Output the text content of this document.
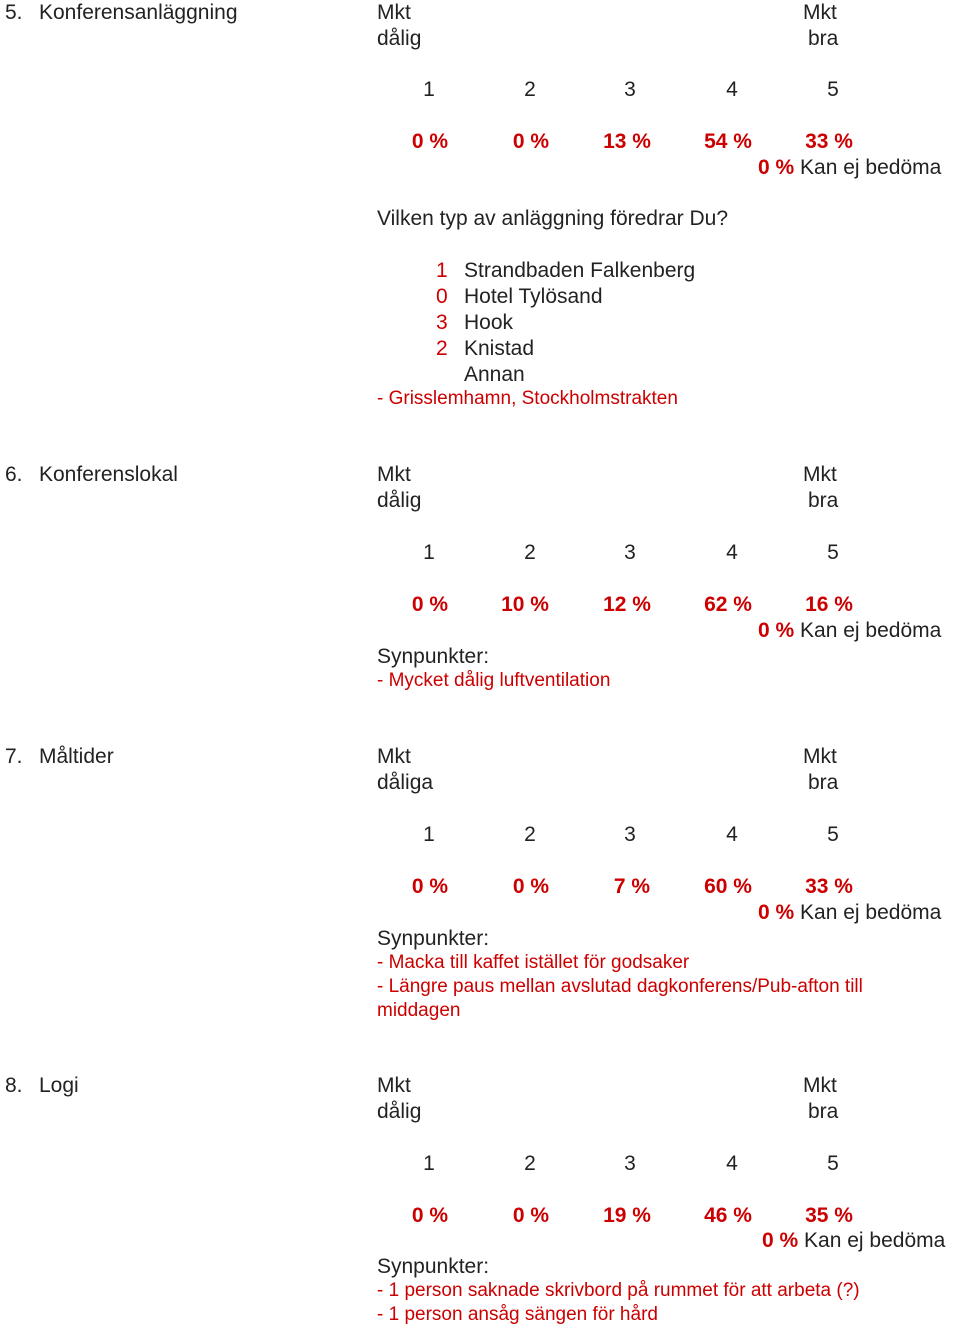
5. Konferensanläggning	Mkt
dålig
Mkt
bra
1	2	3	4	5
0 %	0 %	13 %	54 %	33 %
0 % Kan ej bedöma
Vilken typ av anläggning föredrar Du?
1 Strandbaden Falkenberg
0 Hotel Tylösand
3 Hook
2 Knistad
Annan
- Grisslemhamn, Stockholmstrakten
6. Konferenslokal	Mkt
dålig
Mkt
bra
1	2	3	4	5
0 %	10 %	12 %	62 %	16 %
0 % Kan ej bedöma
Synpunkter:
- Mycket dålig luftventilation
7. Måltider	Mkt
dåliga
Mkt
bra
1	2	3	4	5
0 %	0 %	7 %	60 %	33 %
0 % Kan ej bedöma
Synpunkter:
- Macka till kaffet istället för godsaker
- Längre paus mellan avslutad dagkonferens/Pub-afton till
middagen
8. Logi	Mkt
dålig
Mkt
bra
1	2	3	4	5
0 %	0 %	19 %	46 %	35 %
0 % Kan ej bedöma
Synpunkter:
- 1 person saknade skrivbord på rummet för att arbeta (?)
- 1 person ansåg sängen för hård
